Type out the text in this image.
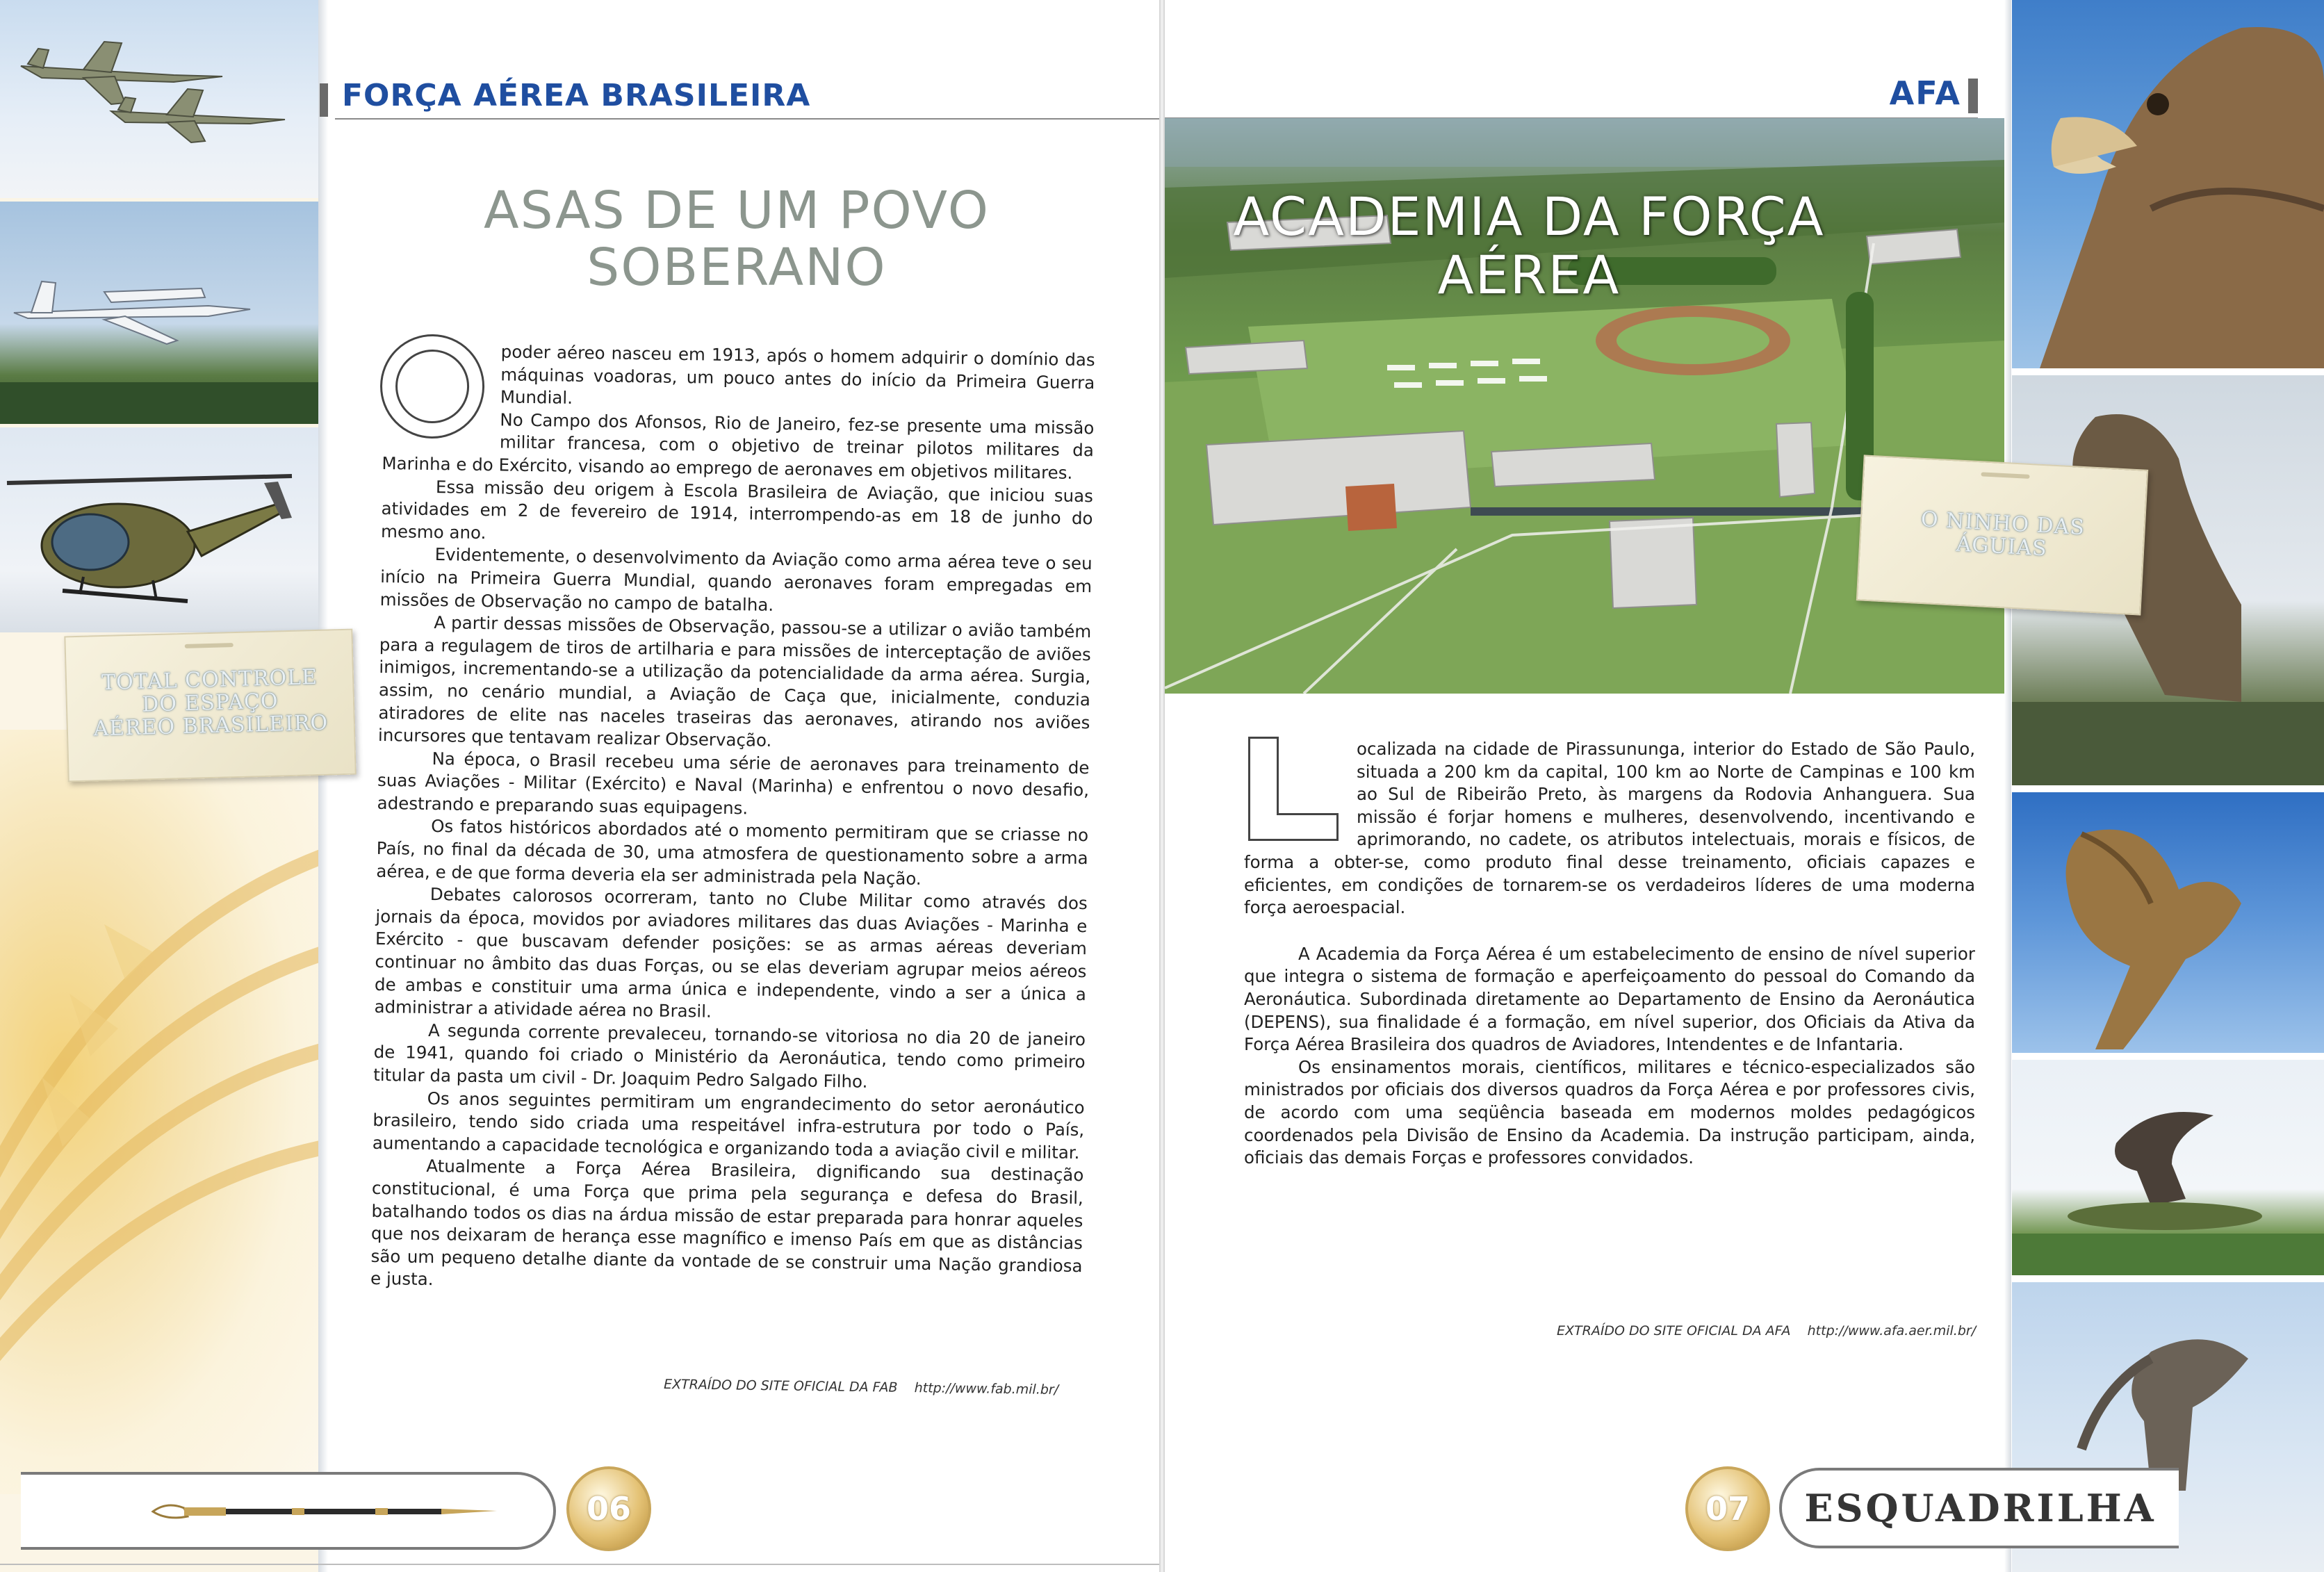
TOTAL CONTROLE
DO ESPAÇO
AÉREO BRASILEIRO
FORÇA AÉREA BRASILEIRA
ASAS DE UM POVO
SOBERANO

poder aéreo nasceu em 1913, após o homem adquirir o domínio das máquinas voadoras, um pouco antes do início da Primeira Guerra Mundial.

No Campo dos Afonsos, Rio de Janeiro, fez-se presente uma missão militar francesa, com o objetivo de treinar pilotos militares da Marinha e do Exército, visando ao emprego de aeronaves em objetivos militares.

Essa missão deu origem à Escola Brasileira de Aviação, que iniciou suas atividades em 2 de fevereiro de 1914, interrompendo-as em 18 de junho do mesmo ano.

Evidentemente, o desenvolvimento da Aviação como arma aérea teve o seu início na Primeira Guerra Mundial, quando aeronaves foram empregadas em missões de Observação no campo de batalha.

A partir dessas missões de Observação, passou-se a utilizar o avião também para a regulagem de tiros de artilharia e para missões de interceptação de aviões inimigos, incrementando-se a utilização da potencialidade da arma aérea. Surgia, assim, no cenário mundial, a Aviação de Caça que, inicialmente, conduzia atiradores de elite nas naceles traseiras das aeronaves, atirando nos aviões incursores que tentavam realizar Observação.

Na época, o Brasil recebeu uma série de aeronaves para treinamento de suas Aviações - Militar (Exército) e Naval (Marinha) e enfrentou o novo desafio, adestrando e preparando suas equipagens.

Os fatos históricos abordados até o momento permitiram que se criasse no País, no final da década de 30, uma atmosfera de questionamento sobre a arma aérea, e de que forma deveria ela ser administrada pela Nação.

Debates calorosos ocorreram, tanto no Clube Militar como através dos jornais da época, movidos por aviadores militares das duas Aviações - Marinha e Exército - que buscavam defender posições: se as armas aéreas deveriam continuar no âmbito das duas Forças, ou se elas deveriam agrupar meios aéreos de ambas e constituir uma arma única e independente, vindo a ser a única a administrar a atividade aérea no Brasil.

A segunda corrente prevaleceu, tornando-se vitoriosa no dia 20 de janeiro de 1941, quando foi criado o Ministério da Aeronáutica, tendo como primeiro titular da pasta um civil - Dr. Joaquim Pedro Salgado Filho.

Os anos seguintes permitiram um engrandecimento do setor aeronáutico brasileiro, tendo sido criada uma respeitável infra-estrutura por todo o País, aumentando a capacidade tecnológica e organizando toda a aviação civil e militar.

Atualmente a Força Aérea Brasileira, dignificando sua destinação constitucional, é uma Força que prima pela segurança e defesa do Brasil, batalhando todos os dias na árdua missão de estar preparada para honrar aqueles que nos deixaram de herança esse magnífico e imenso País em que as distâncias são um pequeno detalhe diante da vontade de se construir uma Nação grandiosa e justa.

EXTRAÍDO DO SITE OFICIAL DA FAB http://www.fab.mil.br/
06
AFA
ACADEMIA DA FORÇA
AÉREA
O NINHO DAS
ÁGUIAS

ocalizada na cidade de Pirassununga, interior do Estado de São Paulo, situada a 200 km da capital, 100 km ao Norte de Campinas e 100 km ao Sul de Ribeirão Preto, às margens da Rodovia Anhanguera. Sua missão é forjar homens e mulheres, desenvolvendo, incentivando e aprimorando, no cadete, os atributos intelectuais, morais e físicos, de forma a obter-se, como produto final desse treinamento, oficiais capazes e eficientes, em condições de tornarem-se os verdadeiros líderes de uma moderna força aeroespacial.

A Academia da Força Aérea é um estabelecimento de ensino de nível superior que integra o sistema de formação e aperfeiçoamento do pessoal do Comando da Aeronáutica. Subordinada diretamente ao Departamento de Ensino da Aeronáutica (DEPENS), sua finalidade é a formação, em nível superior, dos Oficiais da Ativa da Força Aérea Brasileira dos quadros de Aviadores, Intendentes e de Infantaria.

Os ensinamentos morais, científicos, militares e técnico-especializados são ministrados por oficiais dos diversos quadros da Força Aérea e por professores civis, de acordo com uma seqüência baseada em modernos moldes pedagógicos coordenados pela Divisão de Ensino da Academia. Da instrução participam, ainda, oficiais das demais Forças e professores convidados.

EXTRAÍDO DO SITE OFICIAL DA AFA http://www.afa.aer.mil.br/
07	ESQUADRILHA
